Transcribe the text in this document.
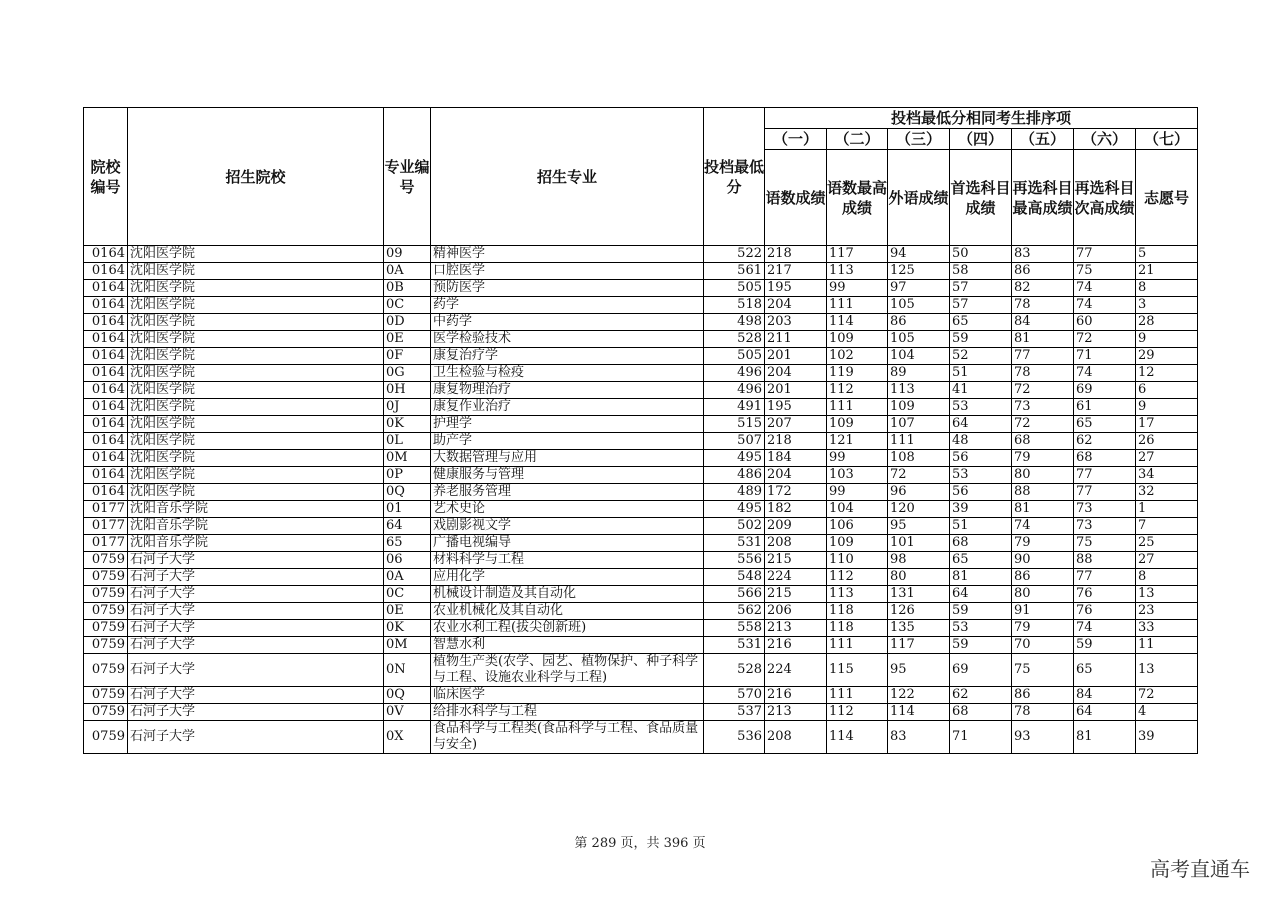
院校编号	招生院校	专业编号	招生专业	投档最低分	投档最低分相同考生排序项						
					（一）	（二）	（三）	（四）	（五）	（六）	（七）
					语数成绩	语数最高成绩	外语成绩	首选科目成绩	再选科目最高成绩	再选科目次高成绩	志愿号
0164	沈阳医学院	09	精神医学	522	218	117	94	50	83	77	5
0164	沈阳医学院	0A	口腔医学	561	217	113	125	58	86	75	21
0164	沈阳医学院	0B	预防医学	505	195	99	97	57	82	74	8
0164	沈阳医学院	0C	药学	518	204	111	105	57	78	74	3
0164	沈阳医学院	0D	中药学	498	203	114	86	65	84	60	28
0164	沈阳医学院	0E	医学检验技术	528	211	109	105	59	81	72	9
0164	沈阳医学院	0F	康复治疗学	505	201	102	104	52	77	71	29
0164	沈阳医学院	0G	卫生检验与检疫	496	204	119	89	51	78	74	12
0164	沈阳医学院	0H	康复物理治疗	496	201	112	113	41	72	69	6
0164	沈阳医学院	0J	康复作业治疗	491	195	111	109	53	73	61	9
0164	沈阳医学院	0K	护理学	515	207	109	107	64	72	65	17
0164	沈阳医学院	0L	助产学	507	218	121	111	48	68	62	26
0164	沈阳医学院	0M	大数据管理与应用	495	184	99	108	56	79	68	27
0164	沈阳医学院	0P	健康服务与管理	486	204	103	72	53	80	77	34
0164	沈阳医学院	0Q	养老服务管理	489	172	99	96	56	88	77	32
0177	沈阳音乐学院	01	艺术史论	495	182	104	120	39	81	73	1
0177	沈阳音乐学院	64	戏剧影视文学	502	209	106	95	51	74	73	7
0177	沈阳音乐学院	65	广播电视编导	531	208	109	101	68	79	75	25
0759	石河子大学	06	材料科学与工程	556	215	110	98	65	90	88	27
0759	石河子大学	0A	应用化学	548	224	112	80	81	86	77	8
0759	石河子大学	0C	机械设计制造及其自动化	566	215	113	131	64	80	76	13
0759	石河子大学	0E	农业机械化及其自动化	562	206	118	126	59	91	76	23
0759	石河子大学	0K	农业水利工程(拔尖创新班)	558	213	118	135	53	79	74	33
0759	石河子大学	0M	智慧水利	531	216	111	117	59	70	59	11
0759	石河子大学	0N	植物生产类(农学、园艺、植物保护、种子科学与工程、设施农业科学与工程)	528	224	115	95	69	75	65	13
0759	石河子大学	0Q	临床医学	570	216	111	122	62	86	84	72
0759	石河子大学	0V	给排水科学与工程	537	213	112	114	68	78	64	4
0759	石河子大学	0X	食品科学与工程类(食品科学与工程、食品质量与安全)	536	208	114	83	71	93	81	39
第 289 页，共 396 页
高考直通车
